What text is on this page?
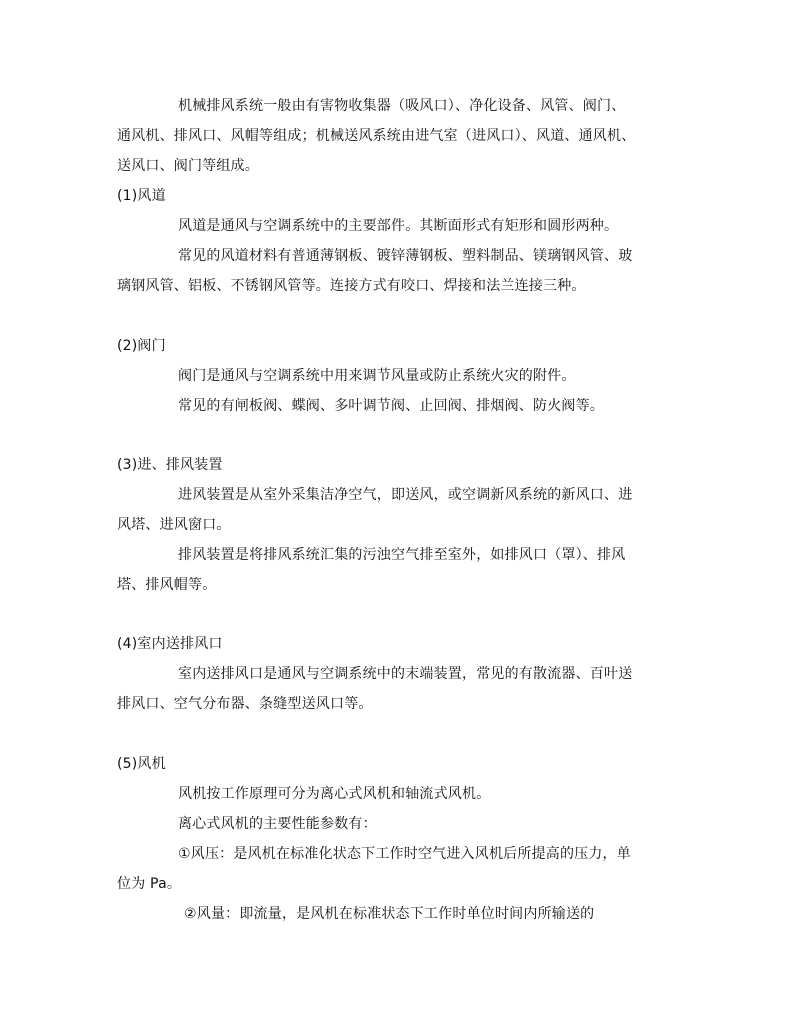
机械排风系统一般由有害物收集器（吸风口）、净化设备、风管、阀门、
通风机、排风口、风帽等组成；机械送风系统由进气室（进风口）、风道、通风机、
送风口、阀门等组成。
(1)风道
风道是通风与空调系统中的主要部件。其断面形式有矩形和圆形两种。
常见的风道材料有普通薄钢板、镀锌薄钢板、塑料制品、镁璃钢风管、玻
璃钢风管、铝板、不锈钢风管等。连接方式有咬口、焊接和法兰连接三种。
(2)阀门
阀门是通风与空调系统中用来调节风量或防止系统火灾的附件。
常见的有闸板阀、蝶阀、多叶调节阀、止回阀、排烟阀、防火阀等。
(3)进、排风装置
进风装置是从室外采集洁净空气，即送风，或空调新风系统的新风口、进
风塔、进风窗口。
排风装置是将排风系统汇集的污浊空气排至室外，如排风口（罩）、排风
塔、排风帽等。
(4)室内送排风口
室内送排风口是通风与空调系统中的末端装置，常见的有散流器、百叶送
排风口、空气分布器、条缝型送风口等。
(5)风机
风机按工作原理可分为离心式风机和轴流式风机。
离心式风机的主要性能参数有：
①风压：是风机在标准化状态下工作时空气进入风机后所提高的压力，单
位为 Pa。
②风量：即流量，是风机在标准状态下工作时单位时间内所输送的
